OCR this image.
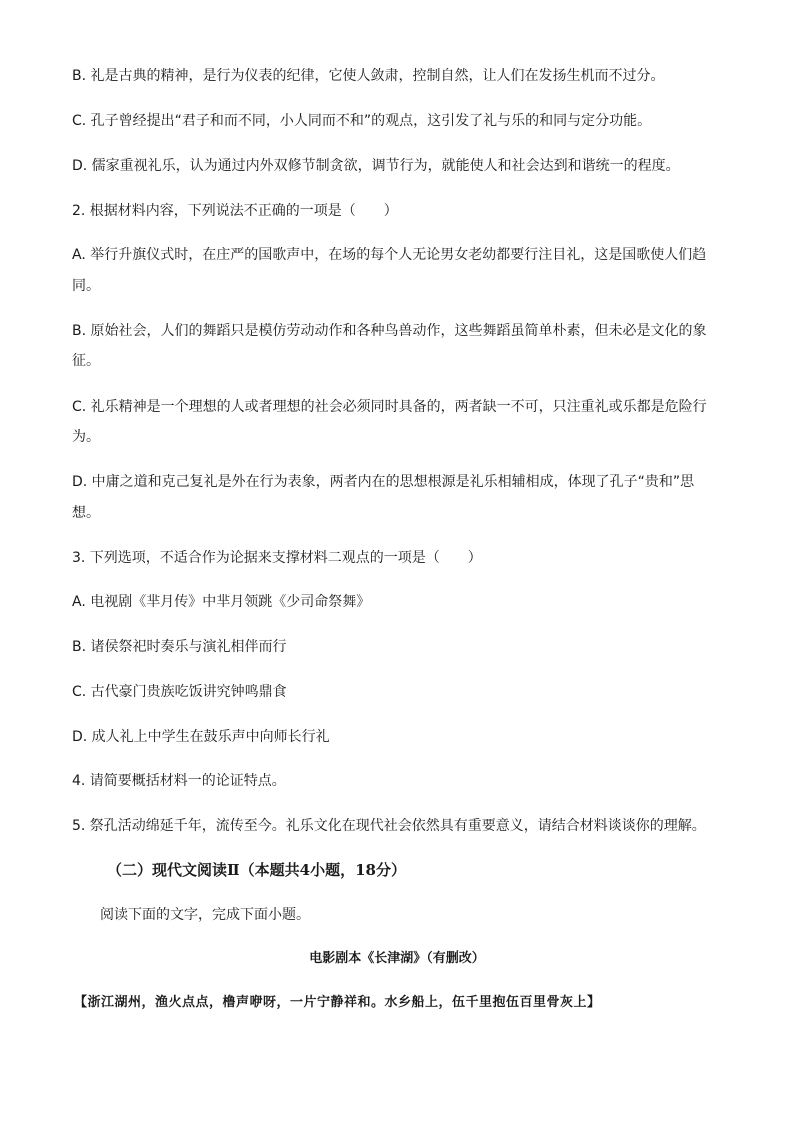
B. 礼是古典的精神，是行为仪表的纪律，它使人敛肃，控制自然，让人们在发扬生机而不过分。
C. 孔子曾经提出“君子和而不同，小人同而不和”的观点，这引发了礼与乐的和同与定分功能。
D. 儒家重视礼乐，认为通过内外双修节制贪欲，调节行为，就能使人和社会达到和谐统一的程度。
2. 根据材料内容，下列说法不正确的一项是（　　）
A. 举行升旗仪式时，在庄严的国歌声中，在场的每个人无论男女老幼都要行注目礼，这是国歌使人们趋
同。
B. 原始社会，人们的舞蹈只是模仿劳动动作和各种鸟兽动作，这些舞蹈虽简单朴素，但未必是文化的象
征。
C. 礼乐精神是一个理想的人或者理想的社会必须同时具备的，两者缺一不可，只注重礼或乐都是危险行
为。
D. 中庸之道和克己复礼是外在行为表象，两者内在的思想根源是礼乐相辅相成，体现了孔子“贵和”思
想。
3. 下列选项，不适合作为论据来支撑材料二观点的一项是（　　）
A. 电视剧《芈月传》中芈月领跳《少司命祭舞》
B. 诸侯祭祀时奏乐与演礼相伴而行
C. 古代豪门贵族吃饭讲究钟鸣鼎食
D. 成人礼上中学生在鼓乐声中向师长行礼
4. 请简要概括材料一的论证特点。
5. 祭孔活动绵延千年，流传至今。礼乐文化在现代社会依然具有重要意义，请结合材料谈谈你的理解。
（二）现代文阅读Ⅱ（本题共4小题，18分）
阅读下面的文字，完成下面小题。
电影剧本《长津湖》（有删改）
【浙江湖州，渔火点点，橹声咿呀，一片宁静祥和。水乡船上，伍千里抱伍百里骨灰上】
